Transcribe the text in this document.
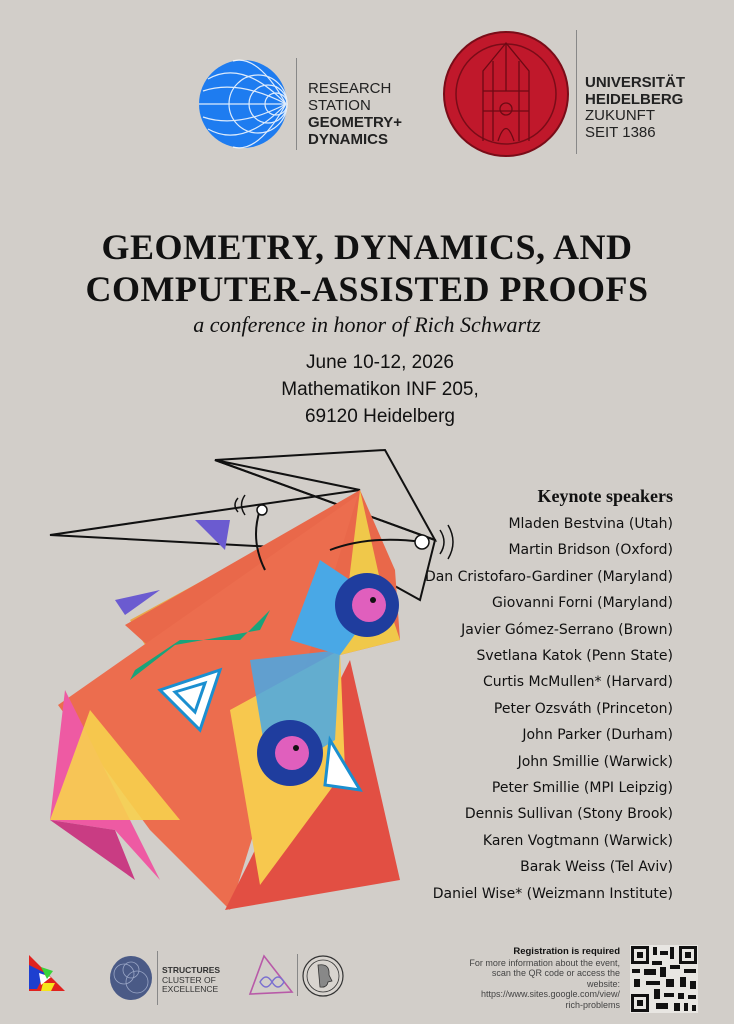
RESEARCH
STATION
GEOMETRY+
DYNAMICS
UNIVERSITÄT
HEIDELBERG
ZUKUNFT
SEIT 1386
GEOMETRY, DYNAMICS, AND
COMPUTER-ASSISTED PROOFS
a conference in honor of Rich Schwartz
June 10-12, 2026
Mathematikon INF 205,
69120 Heidelberg
Keynote speakers
Mladen Bestvina (Utah)
Martin Bridson (Oxford)
Dan Cristofaro-Gardiner (Maryland)
Giovanni Forni (Maryland)
Javier Gómez-Serrano (Brown)
Svetlana Katok (Penn State)
Curtis McMullen* (Harvard)
Peter Ozsváth (Princeton)
John Parker (Durham)
John Smillie (Warwick)
Peter Smillie (MPI Leipzig)
Dennis Sullivan (Stony Brook)
Karen Vogtmann (Warwick)
Barak Weiss (Tel Aviv)
Daniel Wise* (Weizmann Institute)
STRUCTURES
CLUSTER OF
EXCELLENCE
Registration is required
For more information about the event,
scan the QR code or access the
website:
https://www.sites.google.com/view/
rich-problems
